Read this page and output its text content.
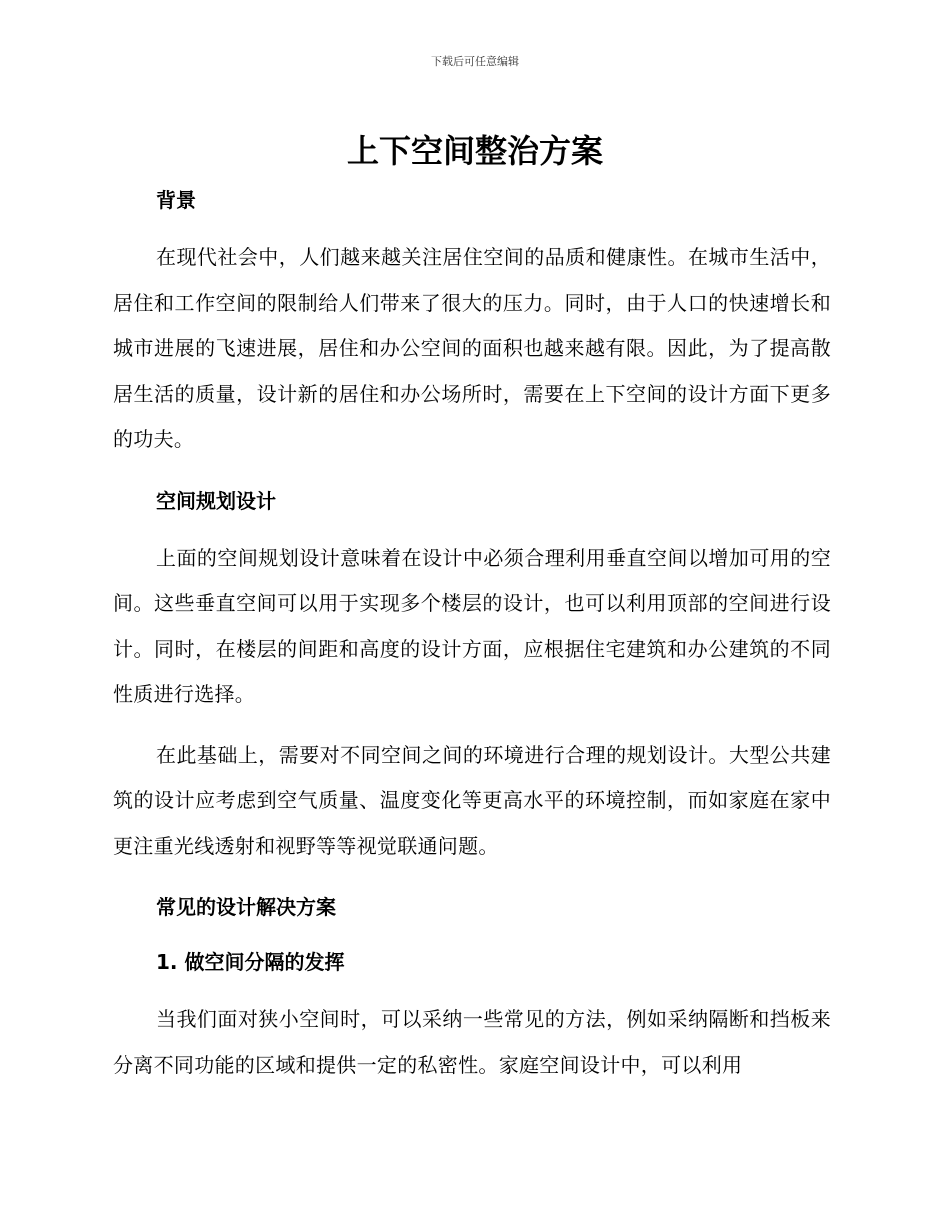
下载后可任意编辑
上下空间整治方案

背景

在现代社会中，人们越来越关注居住空间的品质和健康性。在城市生活中，居住和工作空间的限制给人们带来了很大的压力。同时，由于人口的快速增长和城市进展的飞速进展，居住和办公空间的面积也越来越有限。因此，为了提高散居生活的质量，设计新的居住和办公场所时，需要在上下空间的设计方面下更多的功夫。

空间规划设计

上面的空间规划设计意味着在设计中必须合理利用垂直空间以增加可用的空间。这些垂直空间可以用于实现多个楼层的设计，也可以利用顶部的空间进行设计。同时，在楼层的间距和高度的设计方面，应根据住宅建筑和办公建筑的不同性质进行选择。

在此基础上，需要对不同空间之间的环境进行合理的规划设计。大型公共建筑的设计应考虑到空气质量、温度变化等更高水平的环境控制，而如家庭在家中更注重光线透射和视野等等视觉联通问题。

常见的设计解决方案

1. 做空间分隔的发挥

当我们面对狭小空间时，可以采纳一些常见的方法，例如采纳隔断和挡板来分离不同功能的区域和提供一定的私密性。家庭空间设计中，可以利用
